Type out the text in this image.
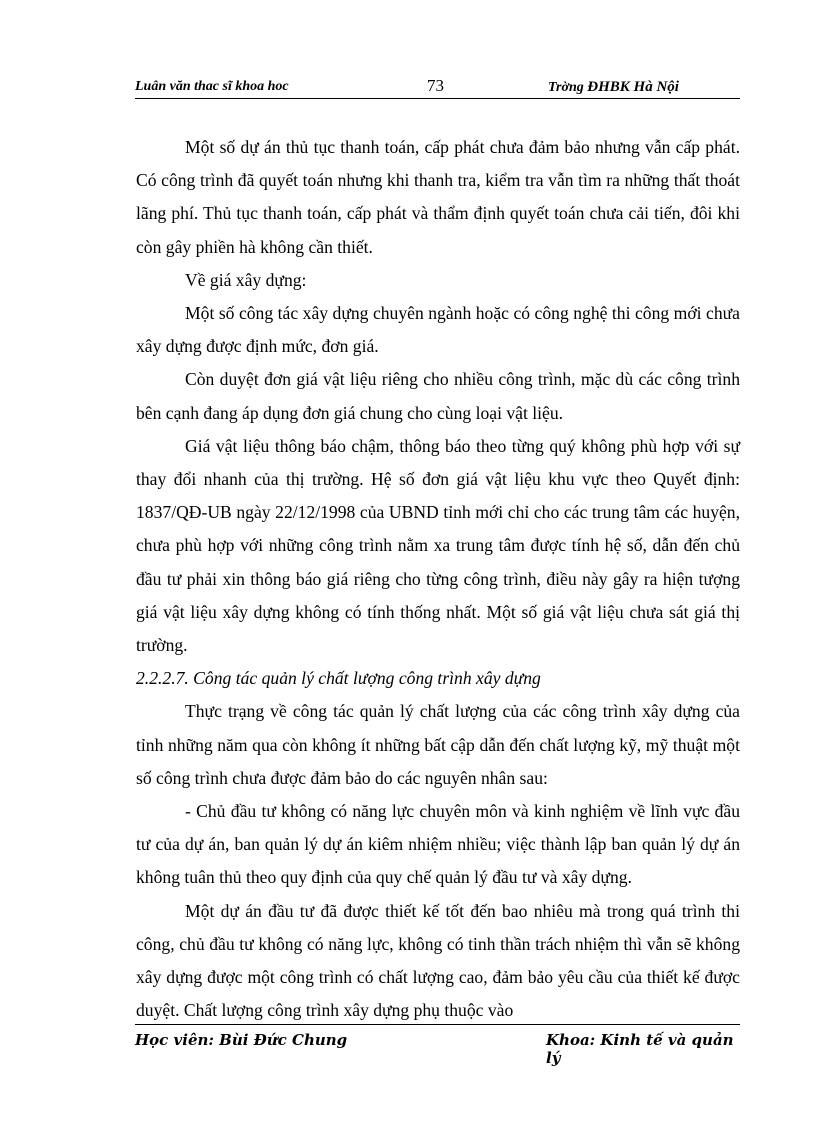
Luân văn thac sĩ khoa hoc	73	Trờng ĐHBK Hà Nội

Một số dự án thủ tục thanh toán, cấp phát chưa đảm bảo nhưng vẫn cấp phát. Có công trình đã quyết toán nhưng khi thanh tra, kiểm tra vẫn tìm ra những thất thoát lãng phí. Thủ tục thanh toán, cấp phát và thẩm định quyết toán chưa cải tiến, đôi khi còn gây phiền hà không cần thiết.

Về giá xây dựng:

Một số công tác xây dựng chuyên ngành hoặc có công nghệ thi công mới chưa xây dựng được định mức, đơn giá.

Còn duyệt đơn giá vật liệu riêng cho nhiều công trình, mặc dù các công trình bên cạnh đang áp dụng đơn giá chung cho cùng loại vật liệu.

Giá vật liệu thông báo chậm, thông báo theo từng quý không phù hợp với sự thay đổi nhanh của thị trường. Hệ số đơn giá vật liệu khu vực theo Quyết định: 1837/QĐ-UB ngày 22/12/1998 của UBND tỉnh mới chỉ cho các trung tâm các huyện, chưa phù hợp với những công trình nằm xa trung tâm được tính hệ số, dẫn đến chủ đầu tư phải xin thông báo giá riêng cho từng công trình, điều này gây ra hiện tượng giá vật liệu xây dựng không có tính thống nhất. Một số giá vật liệu chưa sát giá thị trường.

2.2.2.7. Công tác quản lý chất lượng công trình xây dựng

Thực trạng về công tác quản lý chất lượng của các công trình xây dựng của tỉnh những năm qua còn không ít những bất cập dẫn đến chất lượng kỹ, mỹ thuật một số công trình chưa được đảm bảo do các nguyên nhân sau:

- Chủ đầu tư không có năng lực chuyên môn và kinh nghiệm về lĩnh vực đầu tư của dự án, ban quản lý dự án kiêm nhiệm nhiều; việc thành lập ban quản lý dự án không tuân thủ theo quy định của quy chế quản lý đầu tư và xây dựng.

Một dự án đầu tư đã được thiết kế tốt đến bao nhiêu mà trong quá trình thi công, chủ đầu tư không có năng lực, không có tinh thần trách nhiệm thì vẫn sẽ không xây dựng được một công trình có chất lượng cao, đảm bảo yêu cầu của thiết kế được duyệt. Chất lượng công trình xây dựng phụ thuộc vào

Học viên: Bùi Đức Chung	Khoa: Kinh tế và quản lý
